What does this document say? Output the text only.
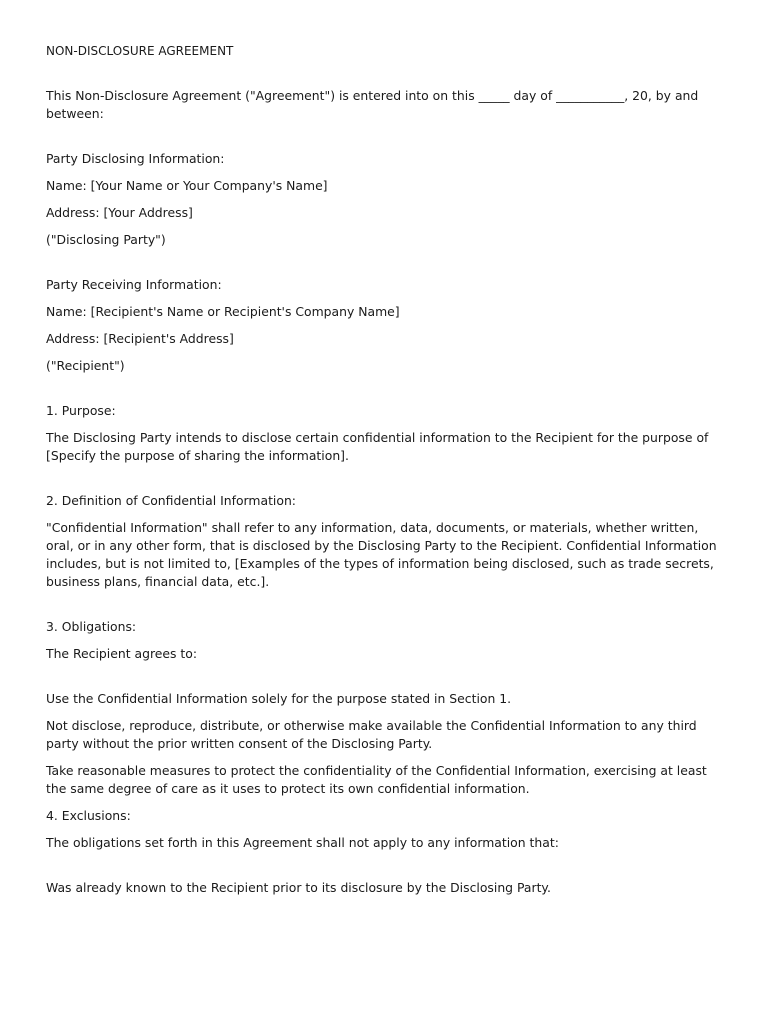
NON-DISCLOSURE AGREEMENT

This Non-Disclosure Agreement ("Agreement") is entered into on this _____ day of ___________, 20, by and between:

Party Disclosing Information:

Name: [Your Name or Your Company's Name]

Address: [Your Address]

("Disclosing Party")

Party Receiving Information:

Name: [Recipient's Name or Recipient's Company Name]

Address: [Recipient's Address]

("Recipient")

1. Purpose:

The Disclosing Party intends to disclose certain confidential information to the Recipient for the purpose of [Specify the purpose of sharing the information].

2. Definition of Confidential Information:

"Confidential Information" shall refer to any information, data, documents, or materials, whether written, oral, or in any other form, that is disclosed by the Disclosing Party to the Recipient. Confidential Information includes, but is not limited to, [Examples of the types of information being disclosed, such as trade secrets, business plans, financial data, etc.].

3. Obligations:

The Recipient agrees to:

Use the Confidential Information solely for the purpose stated in Section 1.

Not disclose, reproduce, distribute, or otherwise make available the Confidential Information to any third party without the prior written consent of the Disclosing Party.

Take reasonable measures to protect the confidentiality of the Confidential Information, exercising at least the same degree of care as it uses to protect its own confidential information.

4. Exclusions:

The obligations set forth in this Agreement shall not apply to any information that:

Was already known to the Recipient prior to its disclosure by the Disclosing Party.
